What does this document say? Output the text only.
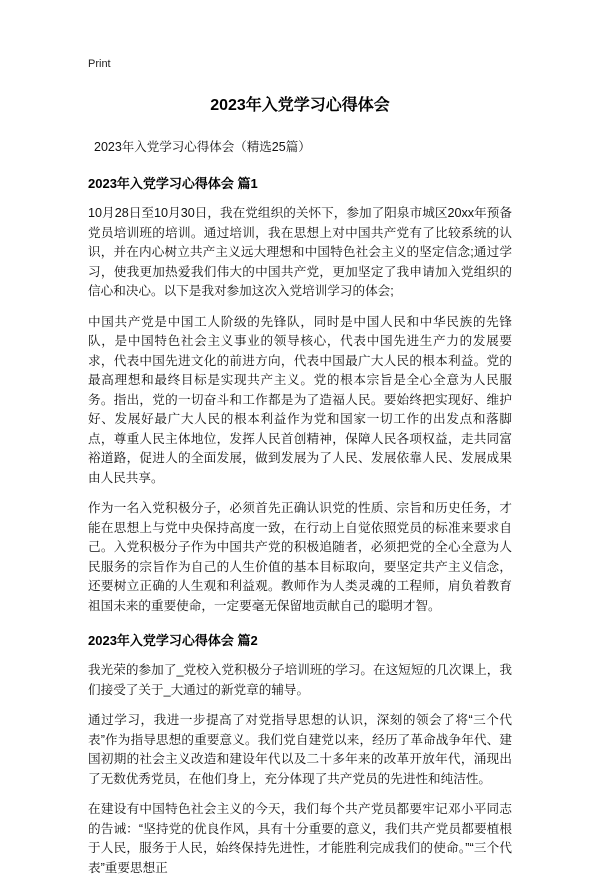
Print
2023年入党学习心得体会

2023年入党学习心得体会（精选25篇）

2023年入党学习心得体会 篇1

10月28日至10月30日，我在党组织的关怀下，参加了阳泉市城区20xx年预备党员培训班的培训。通过培训，我在思想上对中国共产党有了比较系统的认识，并在内心树立共产主义远大理想和中国特色社会主义的坚定信念;通过学习，使我更加热爱我们伟大的中国共产党，更加坚定了我申请加入党组织的信心和决心。以下是我对参加这次入党培训学习的体会;

中国共产党是中国工人阶级的先锋队，同时是中国人民和中华民族的先锋队，是中国特色社会主义事业的领导核心，代表中国先进生产力的发展要求，代表中国先进文化的前进方向，代表中国最广大人民的根本利益。党的最高理想和最终目标是实现共产主义。党的根本宗旨是全心全意为人民服务。指出，党的一切奋斗和工作都是为了造福人民。要始终把实现好、维护好、发展好最广大人民的根本利益作为党和国家一切工作的出发点和落脚点，尊重人民主体地位，发挥人民首创精神，保障人民各项权益，走共同富裕道路，促进人的全面发展，做到发展为了人民、发展依靠人民、发展成果由人民共享。

作为一名入党积极分子，必须首先正确认识党的性质、宗旨和历史任务，才能在思想上与党中央保持高度一致，在行动上自觉依照党员的标准来要求自己。入党积极分子作为中国共产党的积极追随者，必须把党的全心全意为人民服务的宗旨作为自己的人生价值的基本目标取向，要坚定共产主义信念，还要树立正确的人生观和利益观。教师作为人类灵魂的工程师，肩负着教育祖国未来的重要使命，一定要毫无保留地贡献自己的聪明才智。

2023年入党学习心得体会 篇2

我光荣的参加了_党校入党积极分子培训班的学习。在这短短的几次课上，我们接受了关于_大通过的新党章的辅导。

通过学习，我进一步提高了对党指导思想的认识，深刻的领会了将“三个代表”作为指导思想的重要意义。我们党自建党以来，经历了革命战争年代、建国初期的社会主义改造和建设年代以及二十多年来的改革开放年代，涌现出了无数优秀党员，在他们身上，充分体现了共产党员的先进性和纯洁性。

在建设有中国特色社会主义的今天，我们每个共产党员都要牢记邓小平同志的告诫：“坚持党的优良作风，具有十分重要的意义，我们共产党员都要植根于人民，服务于人民，始终保持先进性，才能胜利完成我们的使命。”“三个代表”重要思想正
